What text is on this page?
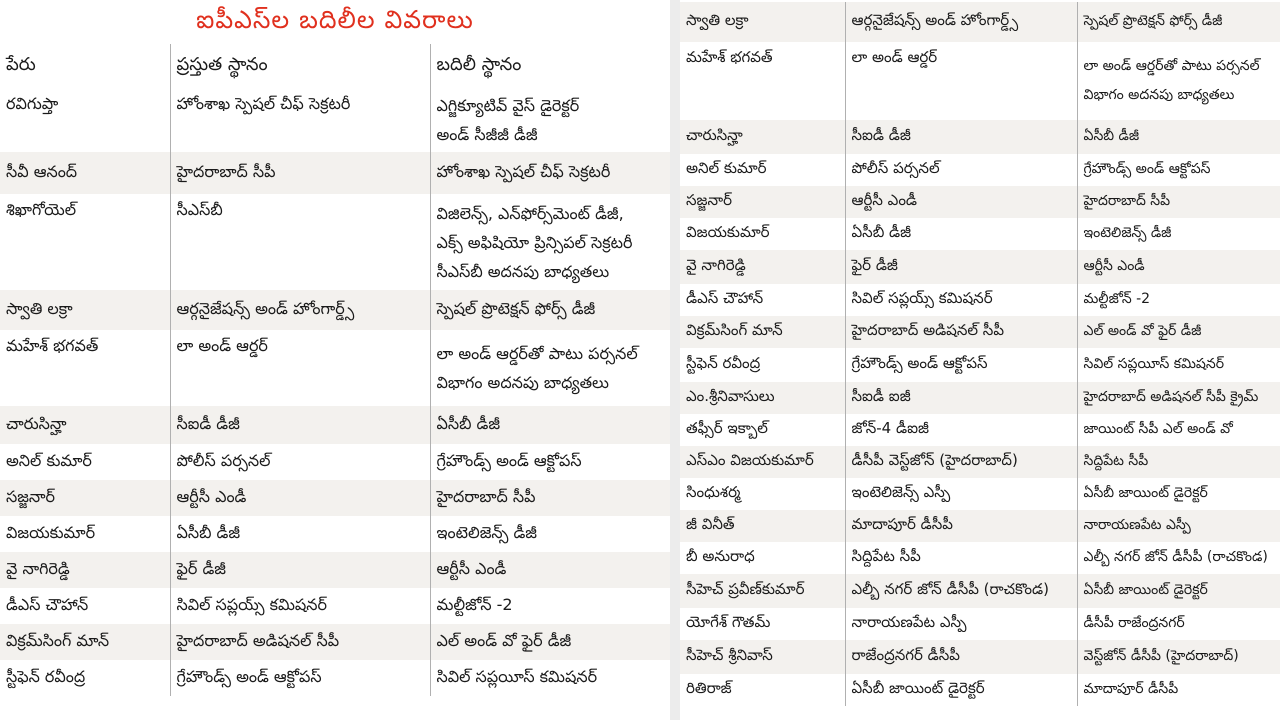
ఐపీఎస్‌ల బదిలీల వివరాలు
పేరు	ప్రస్తుత స్థానం	బదిలీ స్థానం
రవిగుప్తా	హోంశాఖ స్పెషల్ చీఫ్ సెక్రటరీ	ఎగ్జిక్యూటివ్ వైస్ డైరెక్టర్
అండ్ సీజీజీ డీజీ

సీవీ ఆనంద్	హైదరాబాద్ సీపీ	హోంశాఖ స్పెషల్ చీఫ్ సెక్రటరీ

శిఖాగోయెల్	సీఎస్‌బీ	విజిలెన్స్, ఎన్‌ఫోర్స్‌మెంట్ డీజీ,
ఎక్స్ అఫిషియో ప్రిన్సిపల్ సెక్రటరీ
సీఎస్‌బీ అదనపు బాధ్యతలు

స్వాతి లక్రా	ఆర్గనైజేషన్స్ అండ్ హోంగార్డ్స్	స్పెషల్ ప్రొటెక్షన్ ఫోర్స్ డీజీ

మహేశ్ భగవత్	లా అండ్ ఆర్డర్	లా అండ్ ఆర్డర్‌తో పాటు పర్సనల్
విభాగం అదనపు బాధ్యతలు

చారుసిన్హా	సీఐడీ డీజీ	ఏసీబీ డీజీ

అనిల్ కుమార్	పోలీస్ పర్సనల్	గ్రేహౌండ్స్ అండ్ ఆక్టోపస్

సజ్జనార్	ఆర్టీసీ ఎండీ	హైదరాబాద్ సీపీ

విజయకుమార్	ఏసీబీ డీజీ	ఇంటెలిజెన్స్ డీజీ

వై నాగిరెడ్డి	ఫైర్ డీజీ	ఆర్టీసీ ఎండీ

డీఎస్ చౌహాన్	సివిల్ సప్లయ్స్ కమిషనర్	మల్టీజోన్ -2

విక్రమ్‌సింగ్ మాన్	హైదరాబాద్ అడిషనల్ సీపీ	ఎల్ అండ్ వో ఫైర్ డీజీ

స్టీఫెన్ రవీంద్ర	గ్రేహౌండ్స్ అండ్ ఆక్టోపస్	సివిల్ సప్లయీస్ కమిషనర్
స్వాతి లక్రా	ఆర్గనైజేషన్స్ అండ్ హోంగార్డ్స్	స్పెషల్ ప్రొటెక్షన్ ఫోర్స్ డీజీ

మహేశ్ భగవత్	లా అండ్ ఆర్డర్	లా అండ్ ఆర్డర్‌తో పాటు పర్సనల్
విభాగం అదనపు బాధ్యతలు

చారుసిన్హా	సీఐడీ డీజీ	ఏసీబీ డీజీ

అనిల్ కుమార్	పోలీస్ పర్సనల్	గ్రేహౌండ్స్ అండ్ ఆక్టోపస్

సజ్జనార్	ఆర్టీసీ ఎండీ	హైదరాబాద్ సీపీ

విజయకుమార్	ఏసీబీ డీజీ	ఇంటెలిజెన్స్ డీజీ

వై నాగిరెడ్డి	ఫైర్ డీజీ	ఆర్టీసీ ఎండీ

డీఎస్ చౌహాన్	సివిల్ సప్లయ్స్ కమిషనర్	మల్టీజోన్ -2

విక్రమ్‌సింగ్ మాన్	హైదరాబాద్ అడిషనల్ సీపీ	ఎల్ అండ్ వో ఫైర్ డీజీ

స్టీఫెన్ రవీంద్ర	గ్రేహౌండ్స్ అండ్ ఆక్టోపస్	సివిల్ సప్లయీస్ కమిషనర్

ఎం.శ్రీనివాసులు	సీఐడీ ఐజీ	హైదరాబాద్ అడిషనల్ సీపీ క్రైమ్

తఫ్సీర్ ఇక్బాల్	జోన్-4 డీఐజీ	జాయింట్ సీపీ ఎల్ అండ్ వో

ఎస్ఎం విజయకుమార్	డీసీపీ వెస్ట్‌జోన్ (హైదరాబాద్)	సిద్దిపేట సీపీ

సింధుశర్మ	ఇంటెలిజెన్స్ ఎస్పీ	ఏసీబీ జాయింట్ డైరెక్టర్

జీ వినీత్	మాదాపూర్ డీసీపీ	నారాయణపేట ఎస్పీ

బీ అనురాధ	సిద్దిపేట సీపీ	ఎల్బీ నగర్ జోన్ డీసీపీ (రాచకొండ)

సీహెచ్ ప్రవీణ్‌కుమార్	ఎల్బీ నగర్ జోన్ డీసీపీ (రాచకొండ)	ఏసీబీ జాయింట్ డైరెక్టర్

యోగేశ్ గౌతమ్	నారాయణపేట ఎస్పీ	డీసీపీ రాజేంద్రనగర్

సీహెచ్ శ్రీనివాస్	రాజేంద్రనగర్ డీసీపీ	వెస్ట్‌జోన్ డీసీపీ (హైదరాబాద్)

రితిరాజ్	ఏసీబీ జాయింట్ డైరెక్టర్	మాదాపూర్ డీసీపీ
